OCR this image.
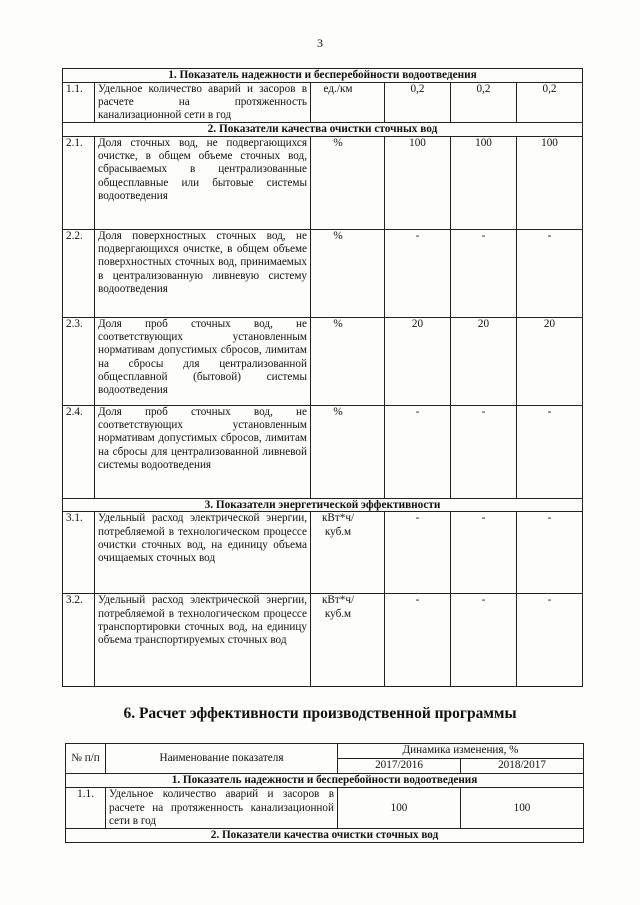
3
1. Показатель надежности и бесперебойности водоотведения					
1.1.	Удельное количество аварий и засоров в расчете на протяженность канализационной сети в год	ед./км	0,2	0,2	0,2
2. Показатели качества очистки сточных вод					
2.1.	Доля сточных вод, не подвергающихся очистке, в общем объеме сточных вод, сбрасываемых в централизованные общесплавные или бытовые системы водоотведения	%	100	100	100
2.2.	Доля поверхностных сточных вод, не подвергающихся очистке, в общем объеме поверхностных сточных вод, принимаемых в централизованную ливневую систему водоотведения	%	-	-	-
2.3.	Доля проб сточных вод, не соответствующих установленным нормативам допустимых сбросов, лимитам на сбросы для централизованной общесплавной (бытовой) системы водоотведения	%	20	20	20
2.4.	Доля проб сточных вод, не соответствующих установленным нормативам допустимых сбросов, лимитам на сбросы для централизованной ливневой системы водоотведения	%	-	-	-
3. Показатели энергетической эффективности					
3.1.	Удельный расход электрической энергии, потребляемой в технологическом процессе очистки сточных вод, на единицу объема очищаемых сточных вод	кВт*ч/куб.м	-	-	-
3.2.	Удельный расход электрической энергии, потребляемой в технологическом процессе транспортировки сточных вод, на единицу объема транспортируемых сточных вод	кВт*ч/куб.м	-	-	-
6. Расчет эффективности производственной программы
№ п/п	Наименование показателя	Динамика изменения, %	
		2017/2016	2018/2017
1. Показатель надежности и бесперебойности водоотведения			
1.1.	Удельное количество аварий и засоров в расчете на протяженность канализационной сети в год	100	100
2. Показатели качества очистки сточных вод			
